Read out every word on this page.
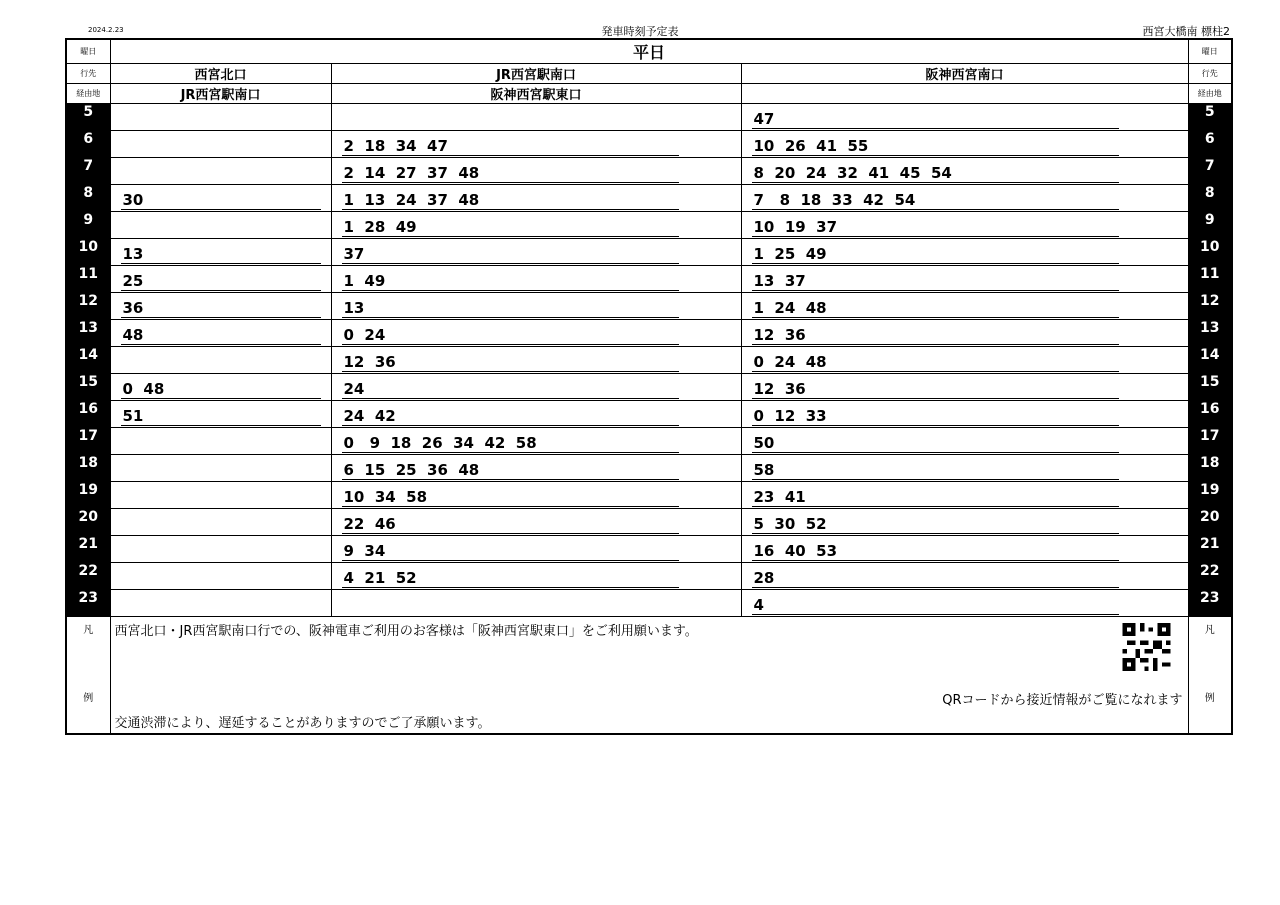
2024.2.23	発車時刻予定表	西宮大橋南 標柱2
曜日	平日			曜日
行先	西宮北口	JR西宮駅南口	阪神西宮南口	行先
経由地	JR西宮駅南口	阪神西宮駅東口		経由地
5			47	5
6		2  18  34  47	10  26  41  55	6
7		2  14  27  37  48	8  20  24  32  41  45  54	7
8	30	1  13  24  37  48	7   8  18  33  42  54	8
9		1  28  49	10  19  37	9
10	13	37	1  25  49	10
11	25	1  49	13  37	11
12	36	13	1  24  48	12
13	48	0  24	12  36	13
14		12  36	0  24  48	14
15	0  48	24	12  36	15
16	51	24  42	0  12  33	16
17		0   9  18  26  34  42  58	50	17
18		6  15  25  36  48	58	18
19		10  34  58	23  41	19
20		22  46	5  30  52	20
21		9  34	16  40  53	21
22		4  21  52	28	22
23			4	23

凡
例	西宮北口・JR西宮駅南口行での、阪神電車ご利用のお客様は「阪神西宮駅東口」をご利用願います。
QRコードから接近情報がご覧になれます
交通渋滞により、遅延することがありますのでご了承願います。			凡
例
